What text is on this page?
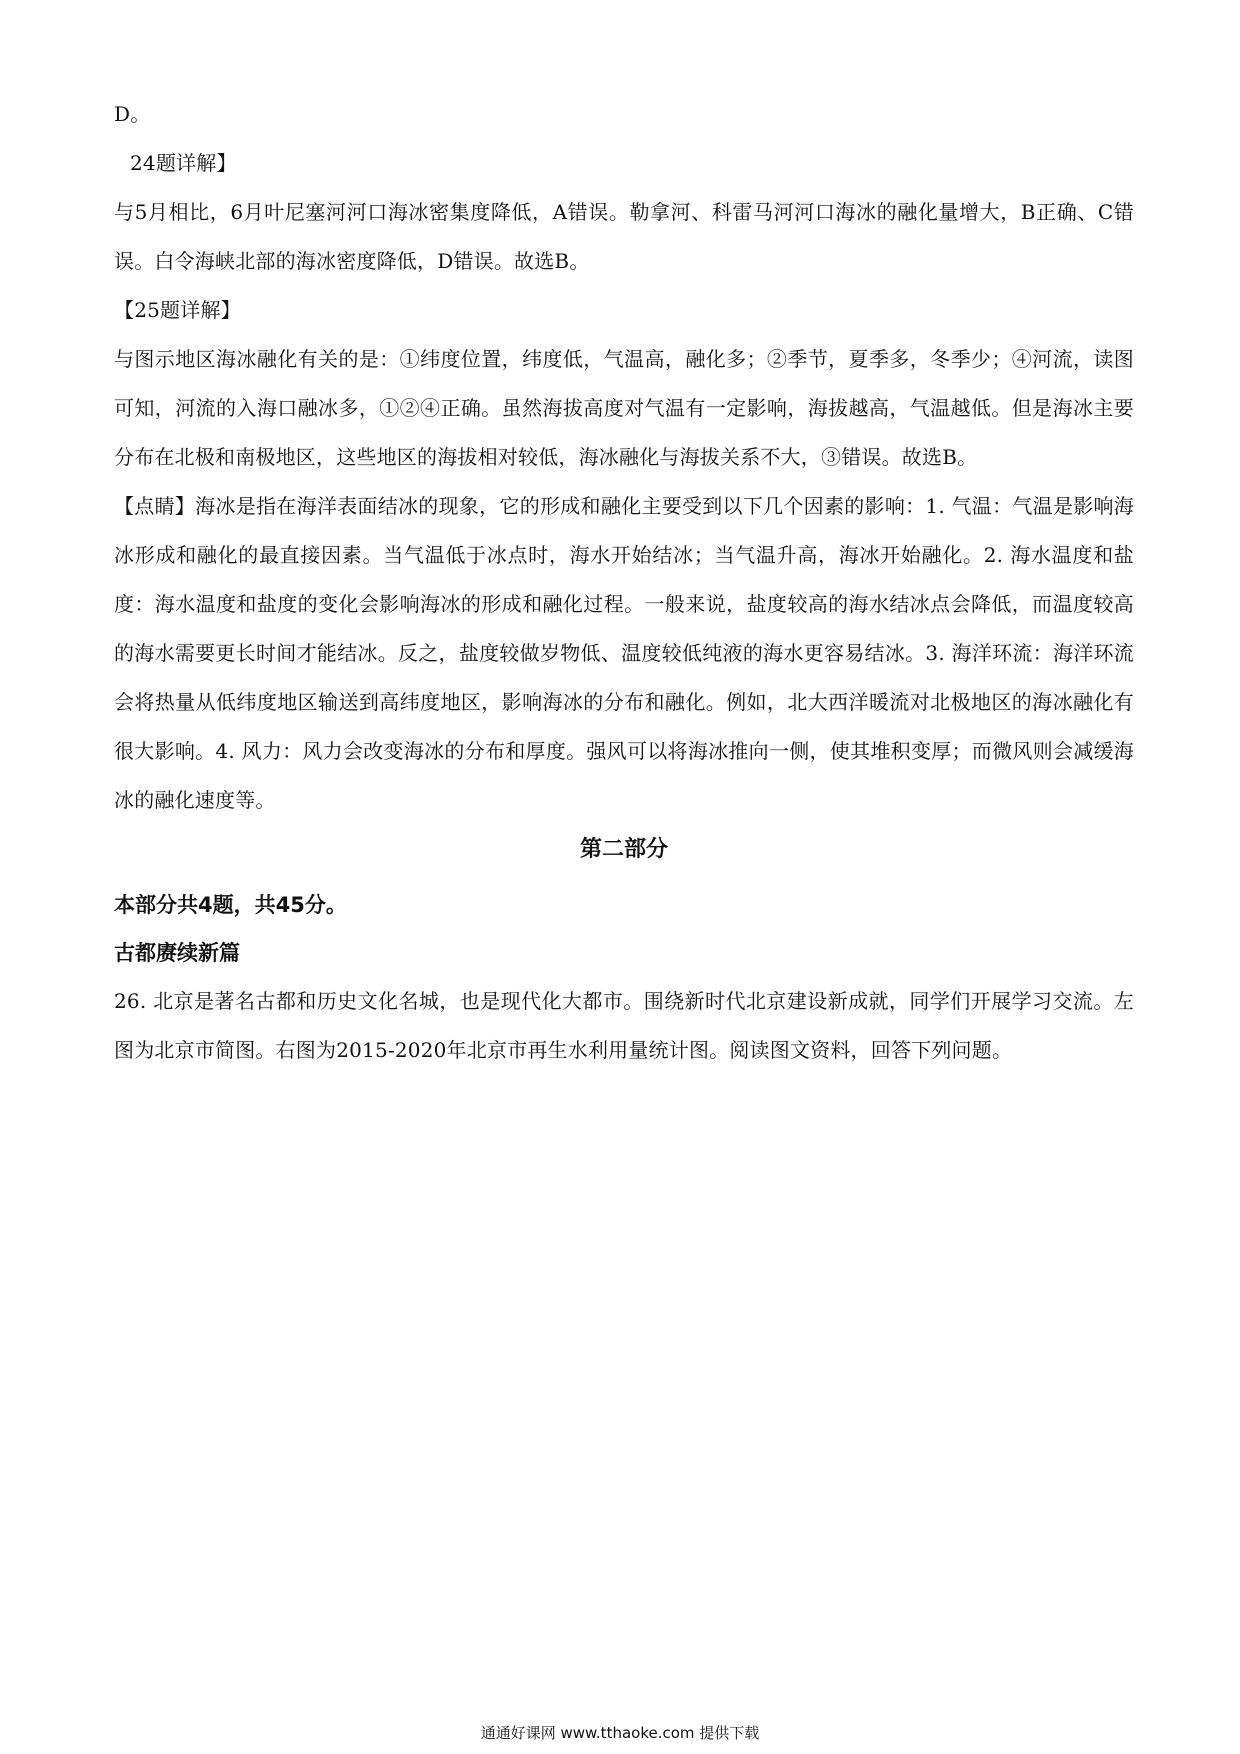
D。

24题详解】

与5月相比，6月叶尼塞河河口海冰密集度降低，A错误。勒拿河、科雷马河河口海冰的融化量增大，B正确、C错误。白令海峡北部的海冰密度降低，D错误。故选B。

【25题详解】

与图示地区海冰融化有关的是：①纬度位置，纬度低，气温高，融化多；②季节，夏季多，冬季少；④河流，读图可知，河流的入海口融冰多，①②④正确。虽然海拔高度对气温有一定影响，海拔越高，气温越低。但是海冰主要分布在北极和南极地区，这些地区的海拔相对较低，海冰融化与海拔关系不大，③错误。故选B。

【点睛】海冰是指在海洋表面结冰的现象，它的形成和融化主要受到以下几个因素的影响：1. 气温：气温是影响海冰形成和融化的最直接因素。当气温低于冰点时，海水开始结冰；当气温升高，海冰开始融化。2. 海水温度和盐度：海水温度和盐度的变化会影响海冰的形成和融化过程。一般来说，盐度较高的海水结冰点会降低，而温度较高的海水需要更长时间才能结冰。反之，盐度较做岁物低、温度较低纯液的海水更容易结冰。3. 海洋环流：海洋环流会将热量从低纬度地区输送到高纬度地区，影响海冰的分布和融化。例如，北大西洋暖流对北极地区的海冰融化有很大影响。4. 风力：风力会改变海冰的分布和厚度。强风可以将海冰推向一侧，使其堆积变厚；而微风则会减缓海冰的融化速度等。

第二部分

本部分共4题，共45分。

古都赓续新篇

26. 北京是著名古都和历史文化名城，也是现代化大都市。围绕新时代北京建设新成就，同学们开展学习交流。左图为北京市简图。右图为2015-2020年北京市再生水利用量统计图。阅读图文资料，回答下列问题。

通通好课网 www.tthaoke.com 提供下载
